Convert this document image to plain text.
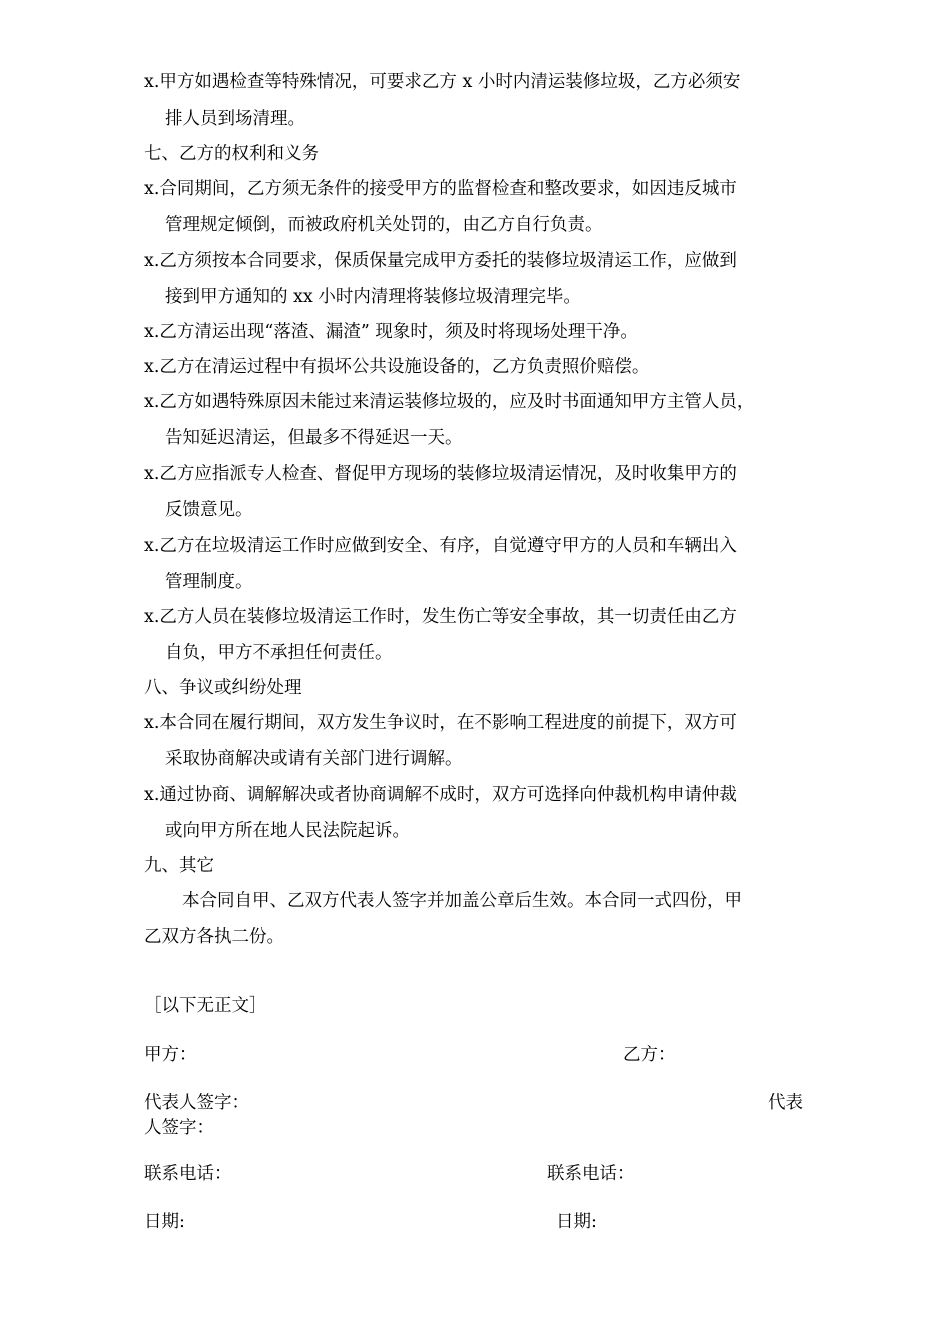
x.甲方如遇检查等特殊情况，可要求乙方 x 小时内清运装修垃圾，乙方必须安
排人员到场清理。
七、乙方的权利和义务
x.合同期间，乙方须无条件的接受甲方的监督检查和整改要求，如因违反城市
管理规定倾倒，而被政府机关处罚的，由乙方自行负责。
x.乙方须按本合同要求，保质保量完成甲方委托的装修垃圾清运工作，应做到
接到甲方通知的 xx 小时内清理将装修垃圾清理完毕。
x.乙方清运出现“落渣、漏渣” 现象时，须及时将现场处理干净。
x.乙方在清运过程中有损坏公共设施设备的，乙方负责照价赔偿。
x.乙方如遇特殊原因未能过来清运装修垃圾的，应及时书面通知甲方主管人员，
告知延迟清运，但最多不得延迟一天。
x.乙方应指派专人检查、督促甲方现场的装修垃圾清运情况，及时收集甲方的
反馈意见。
x.乙方在垃圾清运工作时应做到安全、有序，自觉遵守甲方的人员和车辆出入
管理制度。
x.乙方人员在装修垃圾清运工作时，发生伤亡等安全事故，其一切责任由乙方
自负，甲方不承担任何责任。
八、争议或纠纷处理
x.本合同在履行期间，双方发生争议时，在不影响工程进度的前提下，双方可
采取协商解决或请有关部门进行调解。
x.通过协商、调解解决或者协商调解不成时，双方可选择向仲裁机构申请仲裁
或向甲方所在地人民法院起诉。
九、其它
本合同自甲、乙双方代表人签字并加盖公章后生效。本合同一式四份，甲
乙双方各执二份。
［以下无正文］
甲方：	乙方：
代表人签字：	代表
人签字：
联系电话：	联系电话：
日期:	日期:
